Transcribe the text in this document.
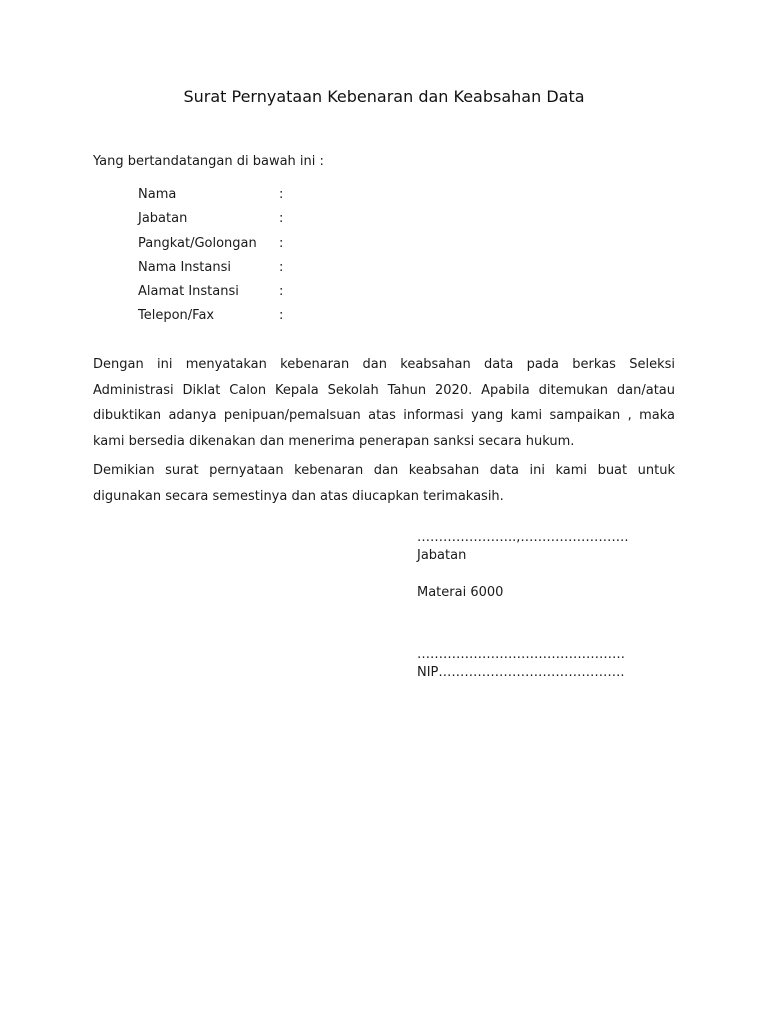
Surat Pernyataan Kebenaran dan Keabsahan Data
Yang bertandatangan di bawah ini :
Nama	:
Jabatan	:
Pangkat/Golongan :
Nama Instansi	:
Alamat Instansi	:
Telepon/Fax	:
Dengan ini menyatakan kebenaran dan keabsahan data pada berkas Seleksi Administrasi Diklat Calon Kepala Sekolah Tahun 2020. Apabila ditemukan dan/atau dibuktikan adanya penipuan/pemalsuan atas informasi yang kami sampaikan , maka kami bersedia dikenakan dan menerima penerapan sanksi secara hukum.
Demikian surat pernyataan kebenaran dan keabsahan data ini kami buat untuk digunakan secara semestinya dan atas diucapkan terimakasih.
…………………..,…………………….
Jabatan
Materai 6000
…………………………………………
NIP…………………………………….
